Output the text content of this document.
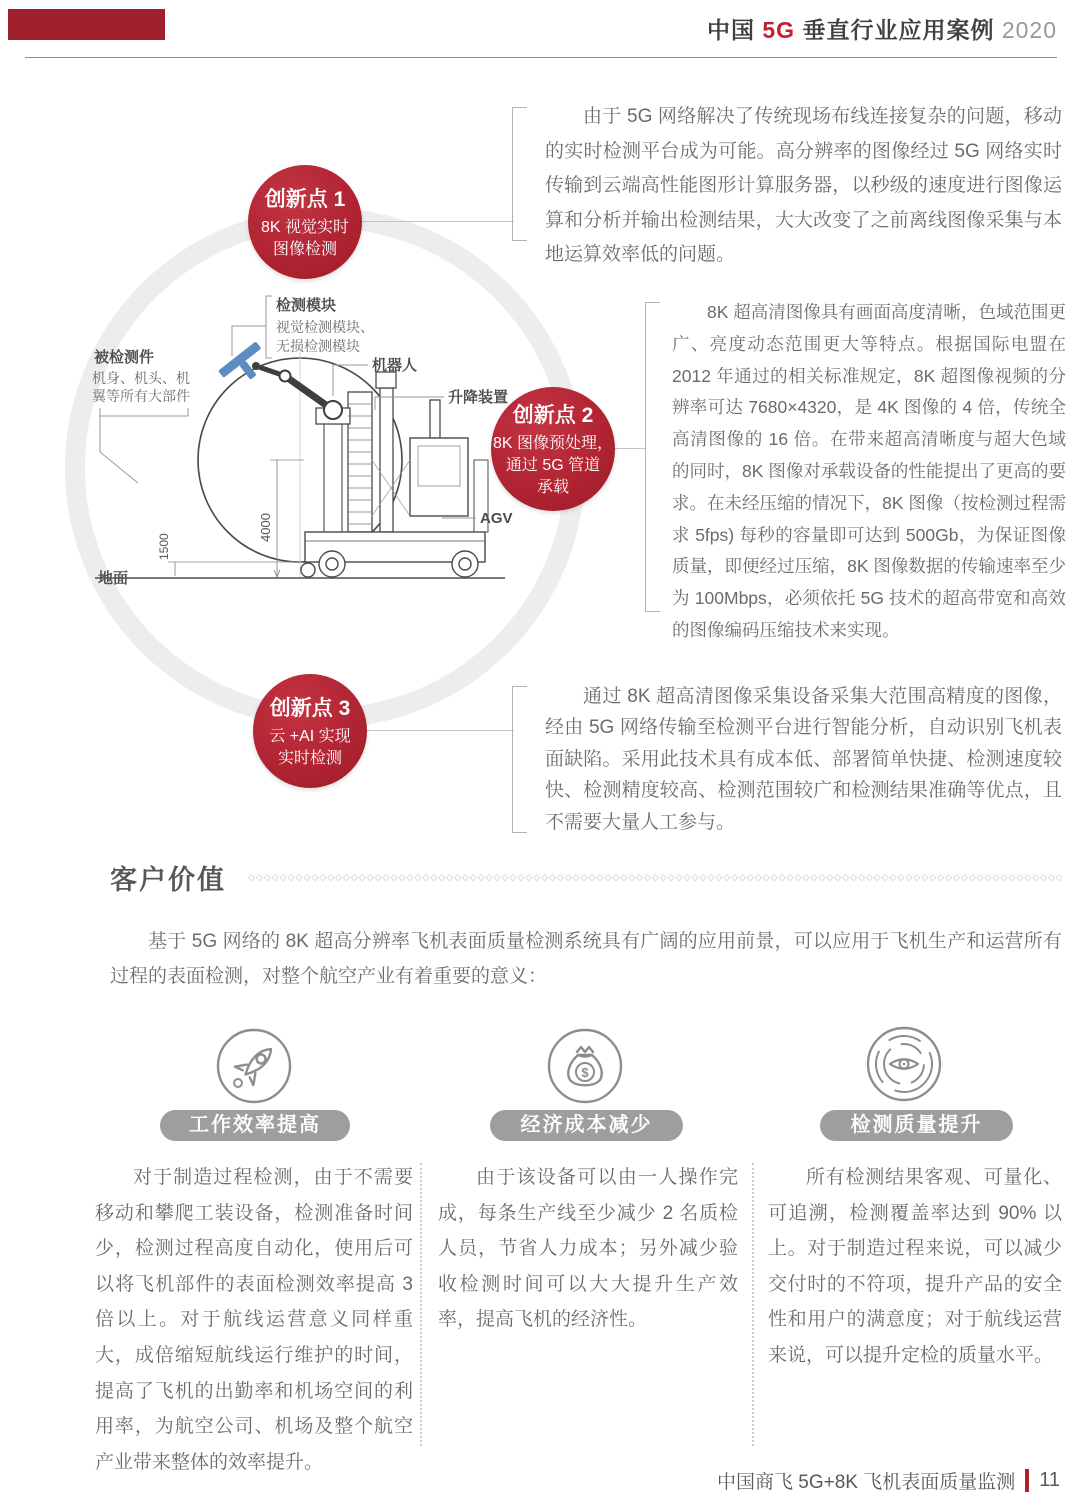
中国 5G 垂直行业应用案例 2020
4000
1500
地面
检测模块
视觉检测模块、
无损检测模块
被检测件
机身、机头、机
翼等所有大部件
机器人
升降装置
AGV
创新点 1
8K 视觉实时
图像检测
创新点 2
8K 图像预处理，
通过 5G 管道
承载
创新点 3
云 +AI 实现
实时检测

由于 5G 网络解决了传统现场布线连接复杂的问题，移动的实时检测平台成为可能。高分辨率的图像经过 5G 网络实时传输到云端高性能图形计算服务器，以秒级的速度进行图像运算和分析并输出检测结果，大大改变了之前离线图像采集与本地运算效率低的问题。

8K 超高清图像具有画面高度清晰，色域范围更广、亮度动态范围更大等特点。根据国际电盟在 2012 年通过的相关标准规定，8K 超图像视频的分辨率可达 7680×4320，是 4K 图像的 4 倍，传统全高清图像的 16 倍。在带来超高清晰度与超大色域的同时，8K 图像对承载设备的性能提出了更高的要求。在未经压缩的情况下，8K 图像（按检测过程需求 5fps) 每秒的容量即可达到 500Gb，为保证图像质量，即便经过压缩，8K 图像数据的传输速率至少为 100Mbps，必须依托 5G 技术的超高带宽和高效的图像编码压缩技术来实现。

通过 8K 超高清图像采集设备采集大范围高精度的图像，经由 5G 网络传输至检测平台进行智能分析，自动识别飞机表面缺陷。采用此技术具有成本低、部署简单快捷、检测速度较快、检测精度较高、检测范围较广和检测结果准确等优点，且不需要大量人工参与。

客户价值
◇◇◇◇◇◇◇◇◇◇◇◇◇◇◇◇◇◇◇◇◇◇◇◇◇◇◇◇◇◇◇◇◇◇◇◇◇◇◇◇◇◇◇◇◇◇◇◇◇◇◇◇◇◇◇◇◇◇◇◇◇◇◇◇◇◇◇◇◇◇◇◇◇◇◇◇◇◇◇◇◇◇◇◇◇◇◇◇◇◇◇◇◇◇◇◇◇◇◇◇◇◇◇◇◇◇◇◇◇◇◇◇◇◇◇◇◇◇◇◇◇◇◇◇◇◇◇◇◇◇◇◇◇◇◇◇◇◇◇◇

基于 5G 网络的 8K 超高分辨率飞机表面质量检测系统具有广阔的应用前景，可以应用于飞机生产和运营所有过程的表面检测，对整个航空产业有着重要的意义：

$
工作效率提高	经济成本减少	检测质量提升

对于制造过程检测，由于不需要移动和攀爬工装设备，检测准备时间少，检测过程高度自动化，使用后可以将飞机部件的表面检测效率提高 3 倍以上。对于航线运营意义同样重大，成倍缩短航线运行维护的时间，提高了飞机的出勤率和机场空间的利用率，为航空公司、机场及整个航空产业带来整体的效率提升。

由于该设备可以由一人操作完成，每条生产线至少减少 2 名质检人员，节省人力成本；另外减少验收检测时间可以大大提升生产效率，提高飞机的经济性。

所有检测结果客观、可量化、可追溯，检测覆盖率达到 90% 以上。对于制造过程来说，可以减少交付时的不符项，提升产品的安全性和用户的满意度；对于航线运营来说，可以提升定检的质量水平。

中国商飞 5G+8K 飞机表面质量监测 11
